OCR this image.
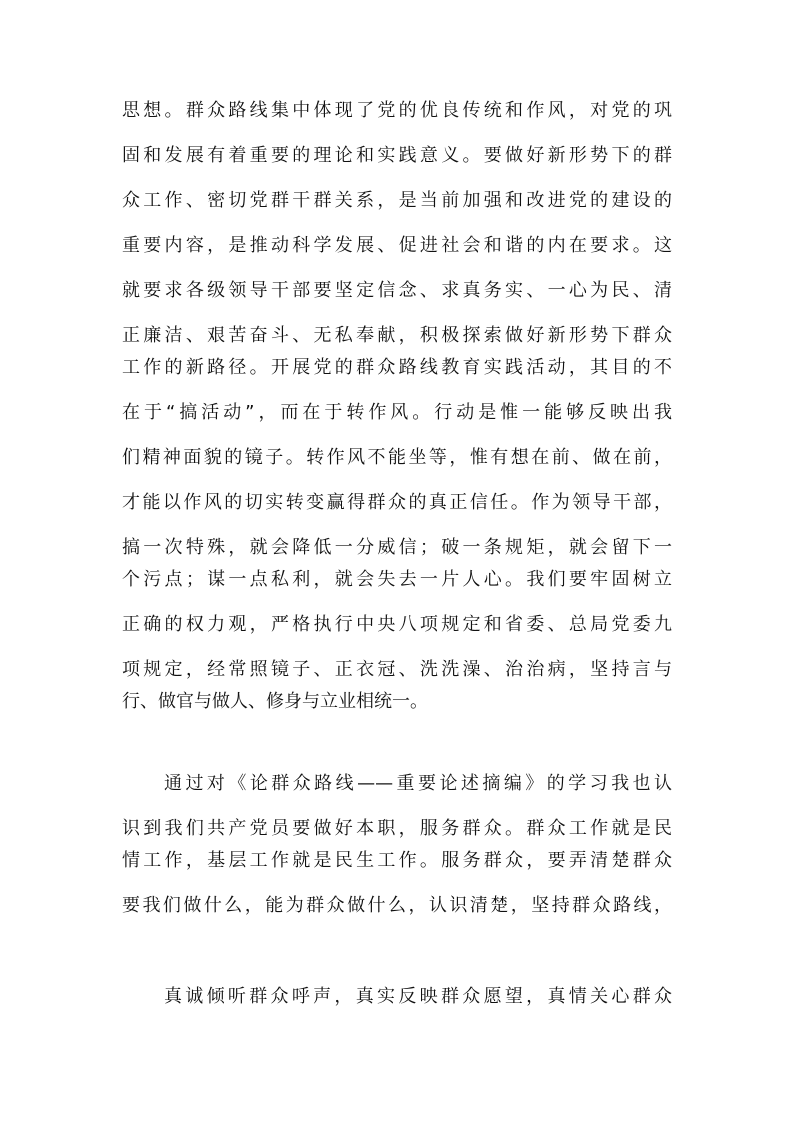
思想。群众路线集中体现了党的优良传统和作风，对党的巩

固和发展有着重要的理论和实践意义。要做好新形势下的群

众工作、密切党群干群关系，是当前加强和改进党的建设的

重要内容，是推动科学发展、促进社会和谐的内在要求。这

就要求各级领导干部要坚定信念、求真务实、一心为民、清

正廉洁、艰苦奋斗、无私奉献，积极探索做好新形势下群众

工作的新路径。开展党的群众路线教育实践活动，其目的不

在于“搞活动”，而在于转作风。行动是惟一能够反映出我

们精神面貌的镜子。转作风不能坐等，惟有想在前、做在前，

才能以作风的切实转变赢得群众的真正信任。作为领导干部，

搞一次特殊，就会降低一分威信；破一条规矩，就会留下一

个污点；谋一点私利，就会失去一片人心。我们要牢固树立

正确的权力观，严格执行中央八项规定和省委、总局党委九

项规定，经常照镜子、正衣冠、洗洗澡、治治病，坚持言与

行、做官与做人、修身与立业相统一。

通过对《论群众路线——重要论述摘编》的学习我也认

识到我们共产党员要做好本职，服务群众。群众工作就是民

情工作，基层工作就是民生工作。服务群众，要弄清楚群众

要我们做什么，能为群众做什么，认识清楚，坚持群众路线，

真诚倾听群众呼声，真实反映群众愿望，真情关心群众
